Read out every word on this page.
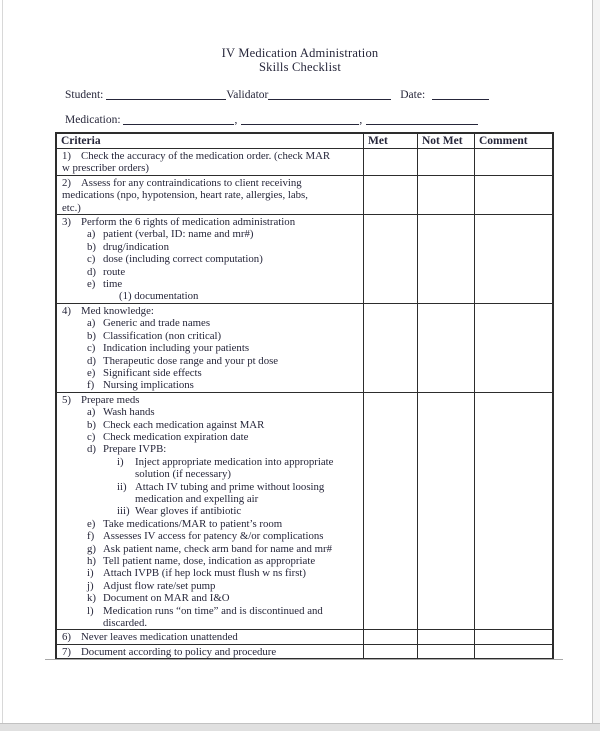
IV Medication Administration
Skills Checklist
Student:	Validator	Date:
Medication:	,	,
Criteria	Met	Not Met	Comment

1) Check the accuracy of the medication order. (check MAR
w prescriber orders)			

2) Assess for any contraindications to client receiving
medications (npo, hypotension, heart rate, allergies, labs,
etc.)			

3) Perform the 6 rights of medication administration
a) patient (verbal, ID: name and mr#)
b) drug/indication
c) dose (including correct computation)
d) route
e) time
(1) documentation

4) Med knowledge:
a) Generic and trade names
b) Classification (non critical)
c) Indication including your patients
d) Therapeutic dose range and your pt dose
e) Significant side effects
f) Nursing implications

5) Prepare meds
a) Wash hands
b) Check each medication against MAR
c) Check medication expiration date
d) Prepare IVPB:
i)	Inject appropriate medication into appropriate
solution (if necessary)
ii) Attach IV tubing and prime without loosing
medication and expelling air
iii) Wear gloves if antibiotic
e) Take medications/MAR to patient’s room
f) Assesses IV access for patency &/or complications
g) Ask patient name, check arm band for name and mr#
h) Tell patient name, dose, indication as appropriate
i) Attach IVPB (if hep lock must flush w ns first)
j) Adjust flow rate/set pump
k) Document on MAR and I&O
l) Medication runs “on time” and is discontinued and
discarded.

6) Never leaves medication unattended			

7) Document according to policy and procedure			
